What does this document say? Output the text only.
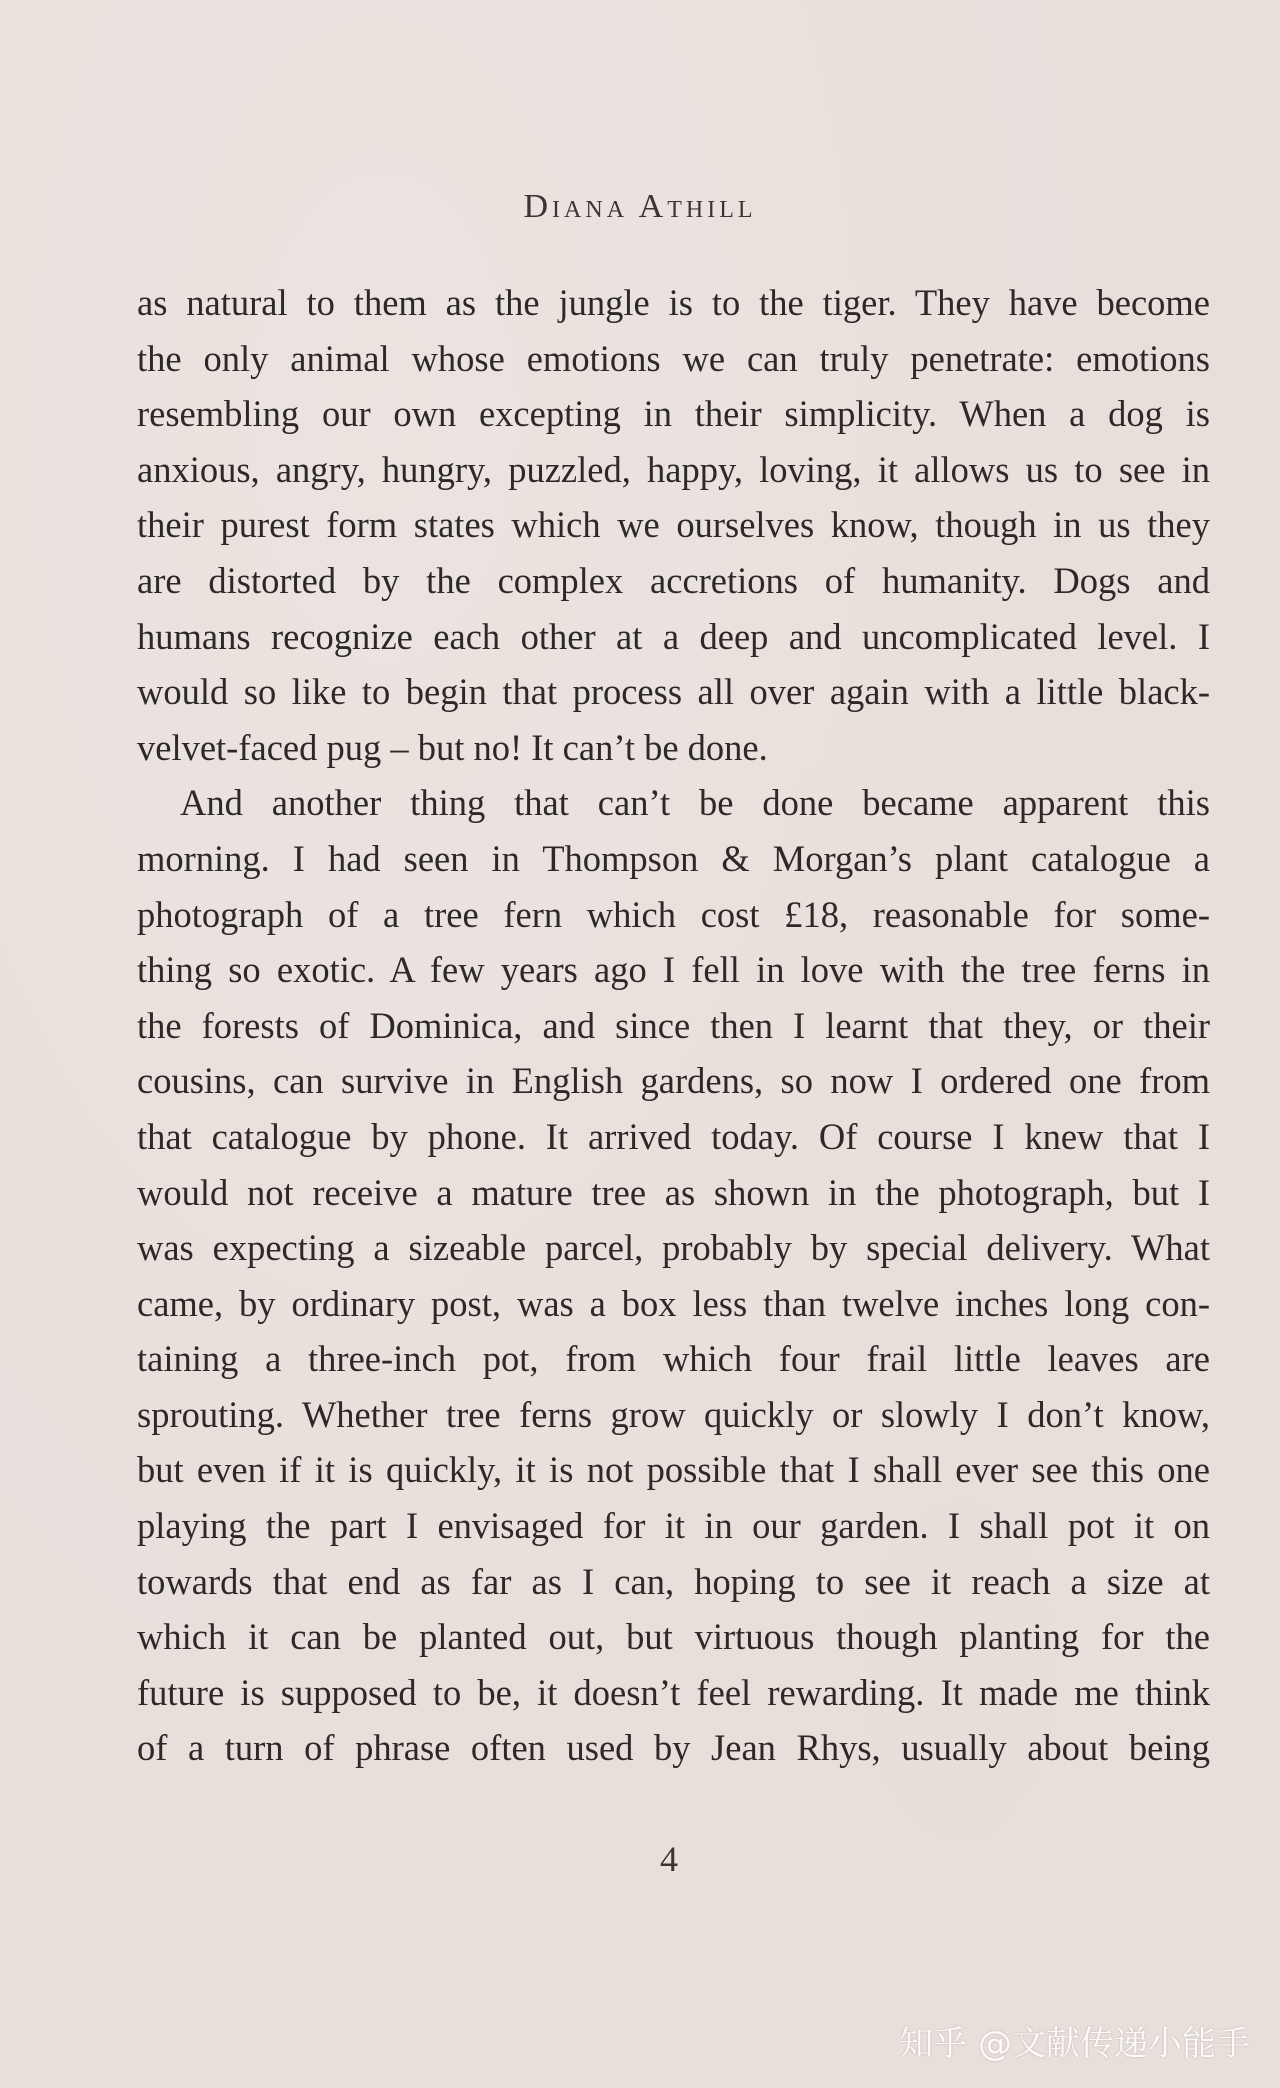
Diana Athill

as natural to them as the jungle is to the tiger. They have become
the only animal whose emotions we can truly penetrate: emotions
resembling our own excepting in their simplicity. When a dog is
anxious, angry, hungry, puzzled, happy, loving, it allows us to see in
their purest form states which we ourselves know, though in us they
are distorted by the complex accretions of humanity. Dogs and
humans recognize each other at a deep and uncomplicated level. I
would so like to begin that process all over again with a little black-
velvet-faced pug – but no! It can’t be done.
And another thing that can’t be done became apparent this
morning. I had seen in Thompson & Morgan’s plant catalogue a
photograph of a tree fern which cost £18, reasonable for some-
thing so exotic. A few years ago I fell in love with the tree ferns in
the forests of Dominica, and since then I learnt that they, or their
cousins, can survive in English gardens, so now I ordered one from
that catalogue by phone. It arrived today. Of course I knew that I
would not receive a mature tree as shown in the photograph, but I
was expecting a sizeable parcel, probably by special delivery. What
came, by ordinary post, was a box less than twelve inches long con-
taining a three-inch pot, from which four frail little leaves are
sprouting. Whether tree ferns grow quickly or slowly I don’t know,
but even if it is quickly, it is not possible that I shall ever see this one
playing the part I envisaged for it in our garden. I shall pot it on
towards that end as far as I can, hoping to see it reach a size at
which it can be planted out, but virtuous though planting for the
future is supposed to be, it doesn’t feel rewarding. It made me think
of a turn of phrase often used by Jean Rhys, usually about being

4

知乎 @文献传递小能手
